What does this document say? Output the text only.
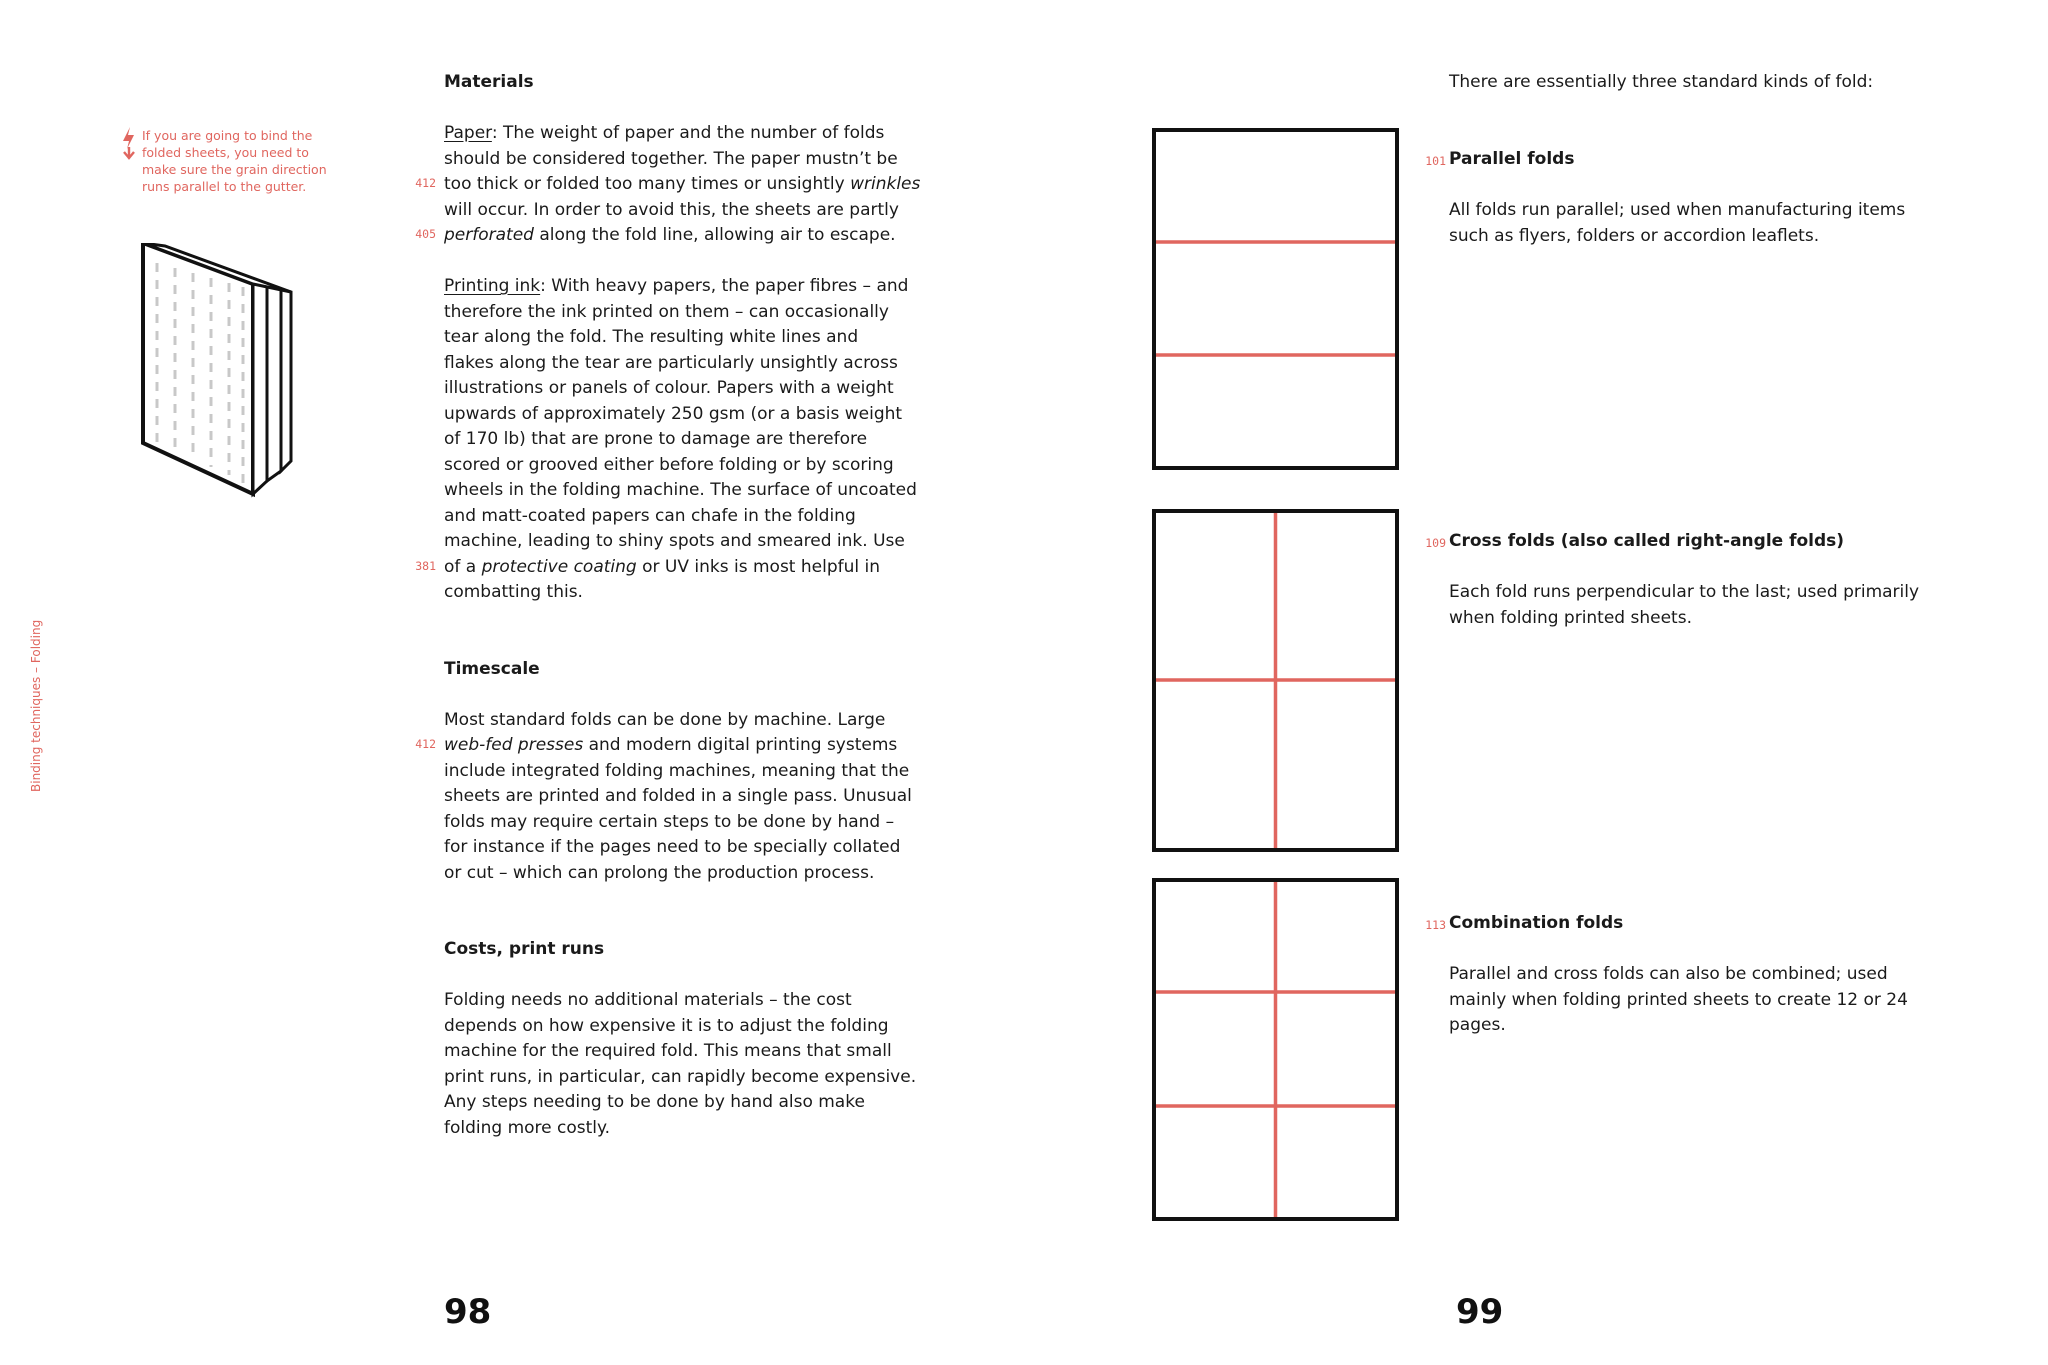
Binding techniques – Folding
If you are going to bind the folded sheets, you need to make sure the grain direction runs parallel to the gutter.	412
405
381
412

Materials

Paper: The weight of paper and the number of folds
should be considered together. The paper mustn’t be
too thick or folded too many times or unsightly wrinkles
will occur. In order to avoid this, the sheets are partly
perforated along the fold line, allowing air to escape.

Printing ink: With heavy papers, the paper fibres – and
therefore the ink printed on them – can occasionally
tear along the fold. The resulting white lines and
flakes along the tear are particularly unsightly across
illustrations or panels of colour. Papers with a weight
upwards of approximately 250 gsm (or a basis weight
of 170 lb) that are prone to damage are therefore
scored or grooved either before folding or by scoring
wheels in the folding machine. The surface of uncoated
and matt-coated papers can chafe in the folding
machine, leading to shiny spots and smeared ink. Use
of a protective coating or UV inks is most helpful in
combatting this.

Timescale

Most standard folds can be done by machine. Large
web-fed presses and modern digital printing systems
include integrated folding machines, meaning that the
sheets are printed and folded in a single pass. Unusual
folds may require certain steps to be done by hand –
for instance if the pages need to be specially collated
or cut – which can prolong the production process.

Costs, print runs

Folding needs no additional materials – the cost
depends on how expensive it is to adjust the folding
machine for the required fold. This means that small
print runs, in particular, can rapidly become expensive.
Any steps needing to be done by hand also make
folding more costly.

98
There are essentially three standard kinds of fold:
101 Parallel folds

All folds run parallel; used when manufacturing items
such as flyers, folders or accordion leaflets.

109 Cross folds (also called right-angle folds)

Each fold runs perpendicular to the last; used primarily
when folding printed sheets.

113 Combination folds

Parallel and cross folds can also be combined; used
mainly when folding printed sheets to create 12 or 24
pages.

99
